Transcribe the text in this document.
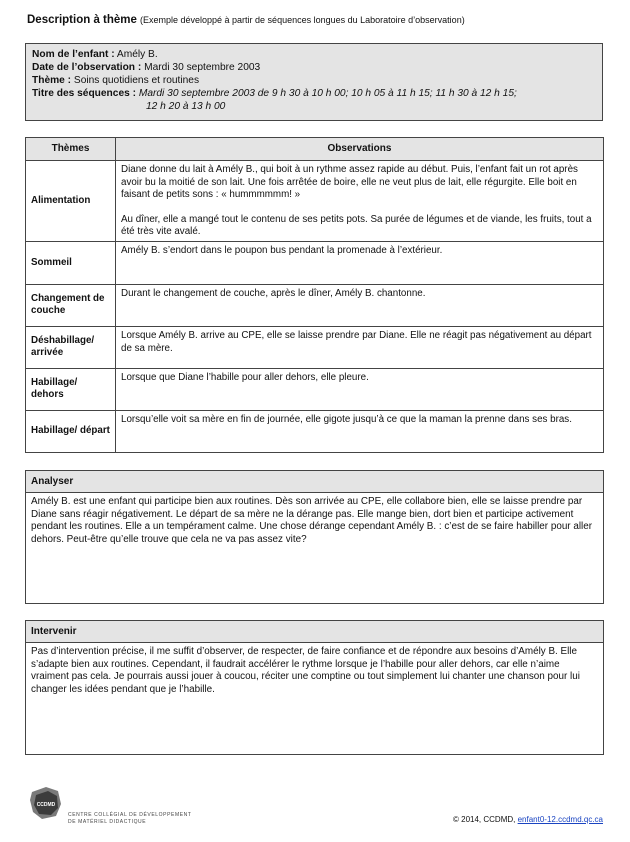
Description à thème (Exemple développé à partir de séquences longues du Laboratoire d’observation)
Nom de l’enfant : Amély B.
Date de l’observation : Mardi 30 septembre 2003
Thème : Soins quotidiens et routines
Titre des séquences : Mardi 30 septembre 2003 de 9 h 30 à 10 h 00; 10 h 05 à 11 h 15; 11 h 30 à 12 h 15;
12 h 20 à 13 h 00
Thèmes	Observations
Alimentation	Diane donne du lait à Amély B., qui boit à un rythme assez rapide au début. Puis, l’enfant fait un rot après avoir bu la moitié de son lait. Une fois arrêtée de boire, elle ne veut plus de lait, elle régurgite. Elle boit en faisant de petits sons : « hummmmmm! »

Au dîner, elle a mangé tout le contenu de ses petits pots. Sa purée de légumes et de viande, les fruits, tout a été très vite avalé.

Sommeil	Amély B. s’endort dans le poupon bus pendant la promenade à l’extérieur.
Changement de couche	Durant le changement de couche, après le dîner, Amély B. chantonne.
Déshabillage/ arrivée	Lorsque Amély B. arrive au CPE, elle se laisse prendre par Diane. Elle ne réagit pas négativement au départ de sa mère.
Habillage/ dehors	Lorsque que Diane l’habille pour aller dehors, elle pleure.
Habillage/ départ	Lorsqu’elle voit sa mère en fin de journée, elle gigote jusqu’à ce que la maman la prenne dans ses bras.
Analyser
Amély B. est une enfant qui participe bien aux routines. Dès son arrivée au CPE, elle collabore bien, elle se laisse prendre par Diane sans réagir négativement. Le départ de sa mère ne la dérange pas. Elle mange bien, dort bien et participe activement pendant les routines. Elle a un tempérament calme. Une chose dérange cependant Amély B. : c’est de se faire habiller pour aller dehors. Peut-être qu’elle trouve que cela ne va pas assez vite?
Intervenir
Pas d’intervention précise, il me suffit d’observer, de respecter, de faire confiance et de répondre aux besoins d’Amély B. Elle s’adapte bien aux routines. Cependant, il faudrait accélérer le rythme lorsque je l’habille pour aller dehors, car elle n’aime vraiment pas cela. Je pourrais aussi jouer à coucou, réciter une comptine ou tout simplement lui chanter une chanson pour lui changer les idées pendant que je l’habille.
CCDMD
CENTRE COLLÉGIAL DE DÉVELOPPEMENT
DE MATÉRIEL DIDACTIQUE	© 2014, CCDMD, enfant0-12.ccdmd.qc.ca
